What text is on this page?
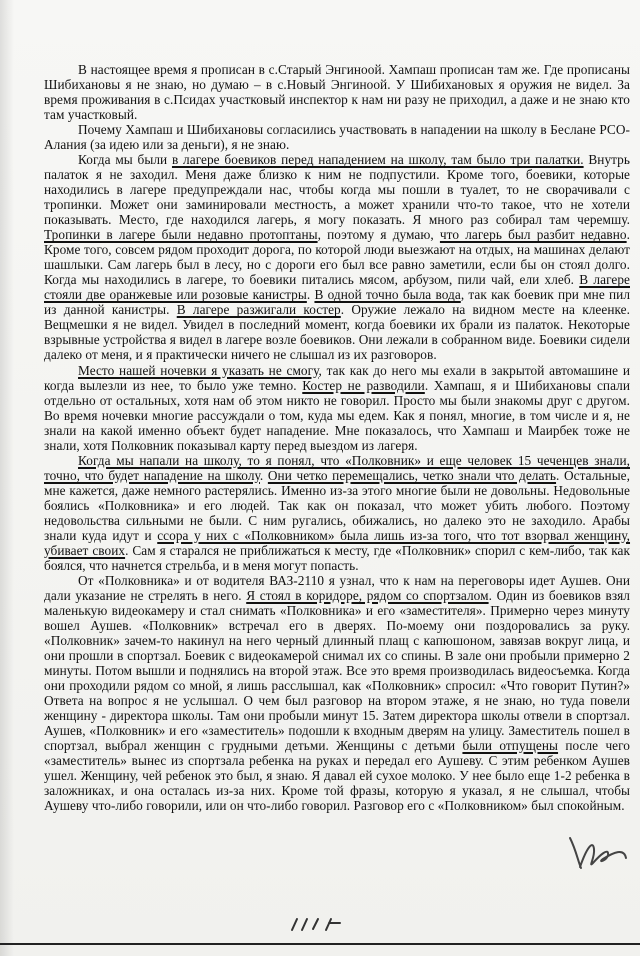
В настоящее время я прописан в с.Старый Энгиноой. Хампаш прописан там же. Где прописаны Шибихановы я не знаю, но думаю – в с.Новый Энгиноой. У Шибихановых я оружия не видел. За время проживания в с.Псидах участковый инспектор к нам ни разу не приходил, а даже и не знаю кто там участковый.

Почему Хампаш и Шибихановы согласились участвовать в нападении на школу в Беслане РСО-Алания (за идею или за деньги), я не знаю.

Когда мы были в лагере боевиков перед нападением на школу, там было три палатки. Внутрь палаток я не заходил. Меня даже близко к ним не подпустили. Кроме того, боевики, которые находились в лагере предупреждали нас, чтобы когда мы пошли в туалет, то не сворачивали с тропинки. Может они заминировали местность, а может хранили что-то такое, что не хотели показывать. Место, где находился лагерь, я могу показать. Я много раз собирал там черемшу. Тропинки в лагере были недавно протоптаны, поэтому я думаю, что лагерь был разбит недавно. Кроме того, совсем рядом проходит дорога, по которой люди выезжают на отдых, на машинах делают шашлыки. Сам лагерь был в лесу, но с дороги его был все равно заметили, если бы он стоял долго. Когда мы находились в лагере, то боевики питались мясом, арбузом, пили чай, ели хлеб. В лагере стояли две оранжевые или розовые канистры. В одной точно была вода, так как боевик при мне пил из данной канистры. В лагере разжигали костер. Оружие лежало на видном месте на клеенке. Вещмешки я не видел. Увидел в последний момент, когда боевики их брали из палаток. Некоторые взрывные устройства я видел в лагере возле боевиков. Они лежали в собранном виде. Боевики сидели далеко от меня, и я практически ничего не слышал из их разговоров.

Место нашей ночевки я указать не смогу, так как до него мы ехали в закрытой автомашине и когда вылезли из нее, то было уже темно. Костер не разводили. Хампаш, я и Шибихановы спали отдельно от остальных, хотя нам об этом никто не говорил. Просто мы были знакомы друг с другом. Во время ночевки многие рассуждали о том, куда мы едем. Как я понял, многие, в том числе и я, не знали на какой именно объект будет нападение. Мне показалось, что Хампаш и Маирбек тоже не знали, хотя Полковник показывал карту перед выездом из лагеря.

Когда мы напали на школу, то я понял, что «Полковник» и еще человек 15 чеченцев знали, точно, что будет нападение на школу. Они четко перемещались, четко знали что делать. Остальные, мне кажется, даже немного растерялись. Именно из-за этого многие были не довольны. Недовольные боялись «Полковника» и его людей. Так как он показал, что может убить любого. Поэтому недовольства сильными не были. С ним ругались, обижались, но далеко это не заходило. Арабы знали куда идут и ссора у них с «Полковником» была лишь из-за того, что тот взорвал женщину, убивает своих. Сам я старался не приближаться к месту, где «Полковник» спорил с кем-либо, так как боялся, что начнется стрельба, и в меня могут попасть.

От «Полковника» и от водителя ВАЗ-2110 я узнал, что к нам на переговоры идет Аушев. Они дали указание не стрелять в него. Я стоял в коридоре, рядом со спортзалом. Один из боевиков взял маленькую видеокамеру и стал снимать «Полковника» и его «заместителя». Примерно через минуту вошел Аушев. «Полковник» встречал его в дверях. По-моему они поздоровались за руку. «Полковник» зачем-то накинул на него черный длинный плащ с капюшоном, завязав вокруг лица, и они прошли в спортзал. Боевик с видеокамерой снимал их со спины. В зале они пробыли примерно 2 минуты. Потом вышли и поднялись на второй этаж. Все это время производилась видеосъемка. Когда они проходили рядом со мной, я лишь расслышал, как «Полковник» спросил: «Что говорит Путин?» Ответа на вопрос я не услышал. О чем был разговор на втором этаже, я не знаю, но туда повели женщину - директора школы. Там они пробыли минут 15. Затем директора школы отвели в спортзал. Аушев, «Полковник» и его «заместитель» подошли к входным дверям на улицу. Заместитель пошел в спортзал, выбрал женщин с грудными детьми. Женщины с детьми были отпущены после чего «заместитель» вынес из спортзала ребенка на руках и передал его Аушеву. С этим ребенком Аушев ушел. Женщину, чей ребенок это был, я знаю. Я давал ей сухое молоко. У нее было еще 1-2 ребенка в заложниках, и она осталась из-за них. Кроме той фразы, которую я указал, я не слышал, чтобы Аушеву что-либо говорили, или он что-либо говорил. Разговор его с «Полковником» был спокойным.
